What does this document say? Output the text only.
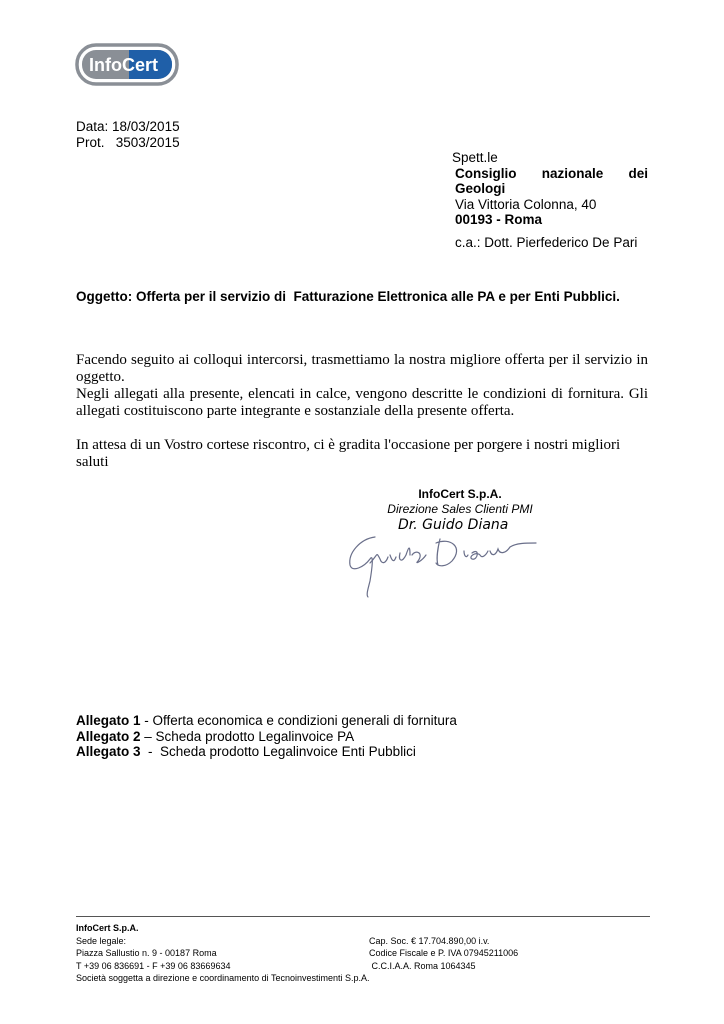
InfoCert
Data: 18/03/2015
Prot.   3503/2015
Spett.le
Consiglio nazionale dei
Geologi
Via Vittoria Colonna, 40
00193 - Roma
c.a.: Dott. Pierfederico De Pari
Oggetto: Offerta per il servizio di  Fatturazione Elettronica alle PA e per Enti Pubblici.

Facendo seguito ai colloqui intercorsi, trasmettiamo la nostra migliore offerta per il servizio in oggetto.

Negli allegati alla presente, elencati in calce, vengono descritte le condizioni di fornitura. Gli allegati costituiscono parte integrante e sostanziale della presente offerta.

In attesa di un Vostro cortese riscontro, ci è gradita l'occasione per porgere i nostri migliori saluti

InfoCert S.p.A.
Direzione Sales Clienti PMI
Dr. Guido Diana
Allegato 1 - Offerta economica e condizioni generali di fornitura
Allegato 2 – Scheda prodotto Legalinvoice PA
Allegato 3  -  Scheda prodotto Legalinvoice Enti Pubblici
InfoCert S.p.A.
Sede legale:
Piazza Sallustio n. 9 - 00187 Roma
T +39 06 836691 - F +39 06 83669634
Società soggetta a direzione e coordinamento di Tecnoinvestimenti S.p.A.
Cap. Soc. € 17.704.890,00 i.v.
Codice Fiscale e P. IVA 07945211006
C.C.I.A.A. Roma 1064345
